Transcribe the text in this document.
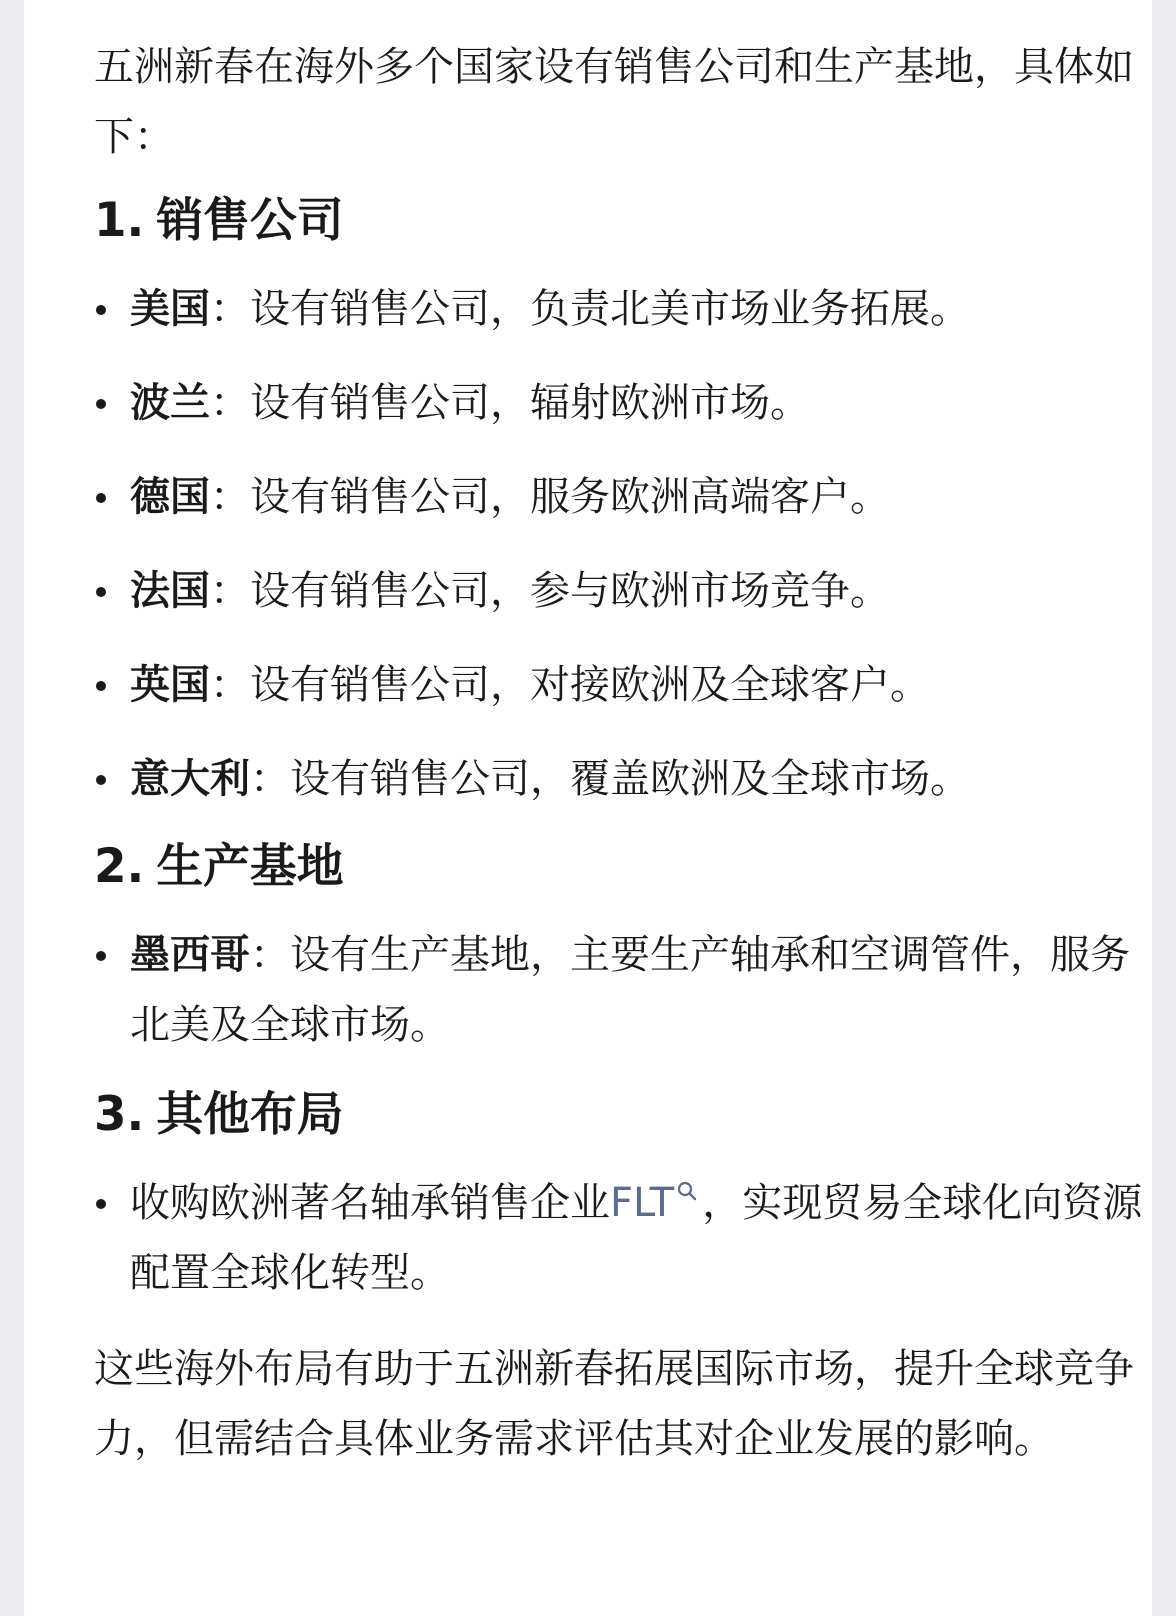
五洲新春在海外多个国家设有销售公司和生产基地，具体如下：

1. 销售公司
美国：设有销售公司，负责北美市场业务拓展。
波兰：设有销售公司，辐射欧洲市场。
德国：设有销售公司，服务欧洲高端客户。
法国：设有销售公司，参与欧洲市场竞争。
英国：设有销售公司，对接欧洲及全球客户。
意大利：设有销售公司，覆盖欧洲及全球市场。
2. 生产基地
墨西哥：设有生产基地，主要生产轴承和空调管件，服务北美及全球市场。
3. 其他布局
收购欧洲著名轴承销售企业FLT ，实现贸易全球化向资源配置全球化转型。

这些海外布局有助于五洲新春拓展国际市场，提升全球竞争力，但需结合具体业务需求评估其对企业发展的影响。
